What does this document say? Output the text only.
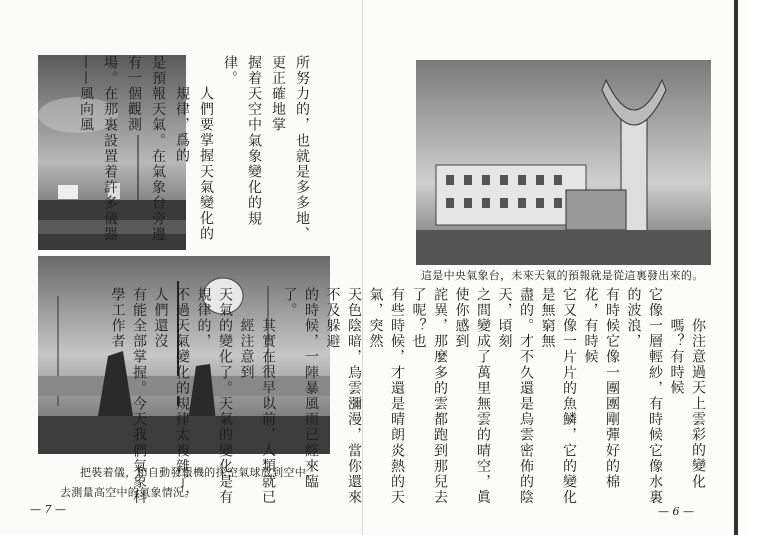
所努力的，也就是多多地、更正確地掌
握着天空中氣象變化的規律。
人們要掌握天氣變化的規律，爲的
是預報天氣。在氣象台旁邊有一個觀測
場。在那裏設置着許多儀器——風向風
把裝着儀，和自動發報機的探空氣球放到空中，去測量高空中的氣象情況。
— 7 —
這是中央氣象台，未來天氣的預報就是從這裏發出來的。
你注意過天上雲彩的變化嗎？有時候
它像一層輕紗，有時候它像水裏的波浪，
有時候它像一團團剛彈好的棉花，有時候
它又像一片片的魚鱗，它的變化是無窮無
盡的。才不久還是烏雲密佈的陰天，頃刻
之間變成了萬里無雲的晴空，眞使你感到
詫異，那麼多的雲都跑到那兒去了呢？也
有些時候，才還是晴朗炎熱的天氣，突然
天色陰暗，烏雲瀰漫，當你還來不及躲避
的時候，一陣暴風雨已經來臨了。
其實在很早以前，人類就已經注意到
天氣的變化了。天氣的變化是有規律的，
不過天氣變化的規律太複雜了，人們還沒
有能全部掌握。今天我們氣象科學工作者
— 6 —
